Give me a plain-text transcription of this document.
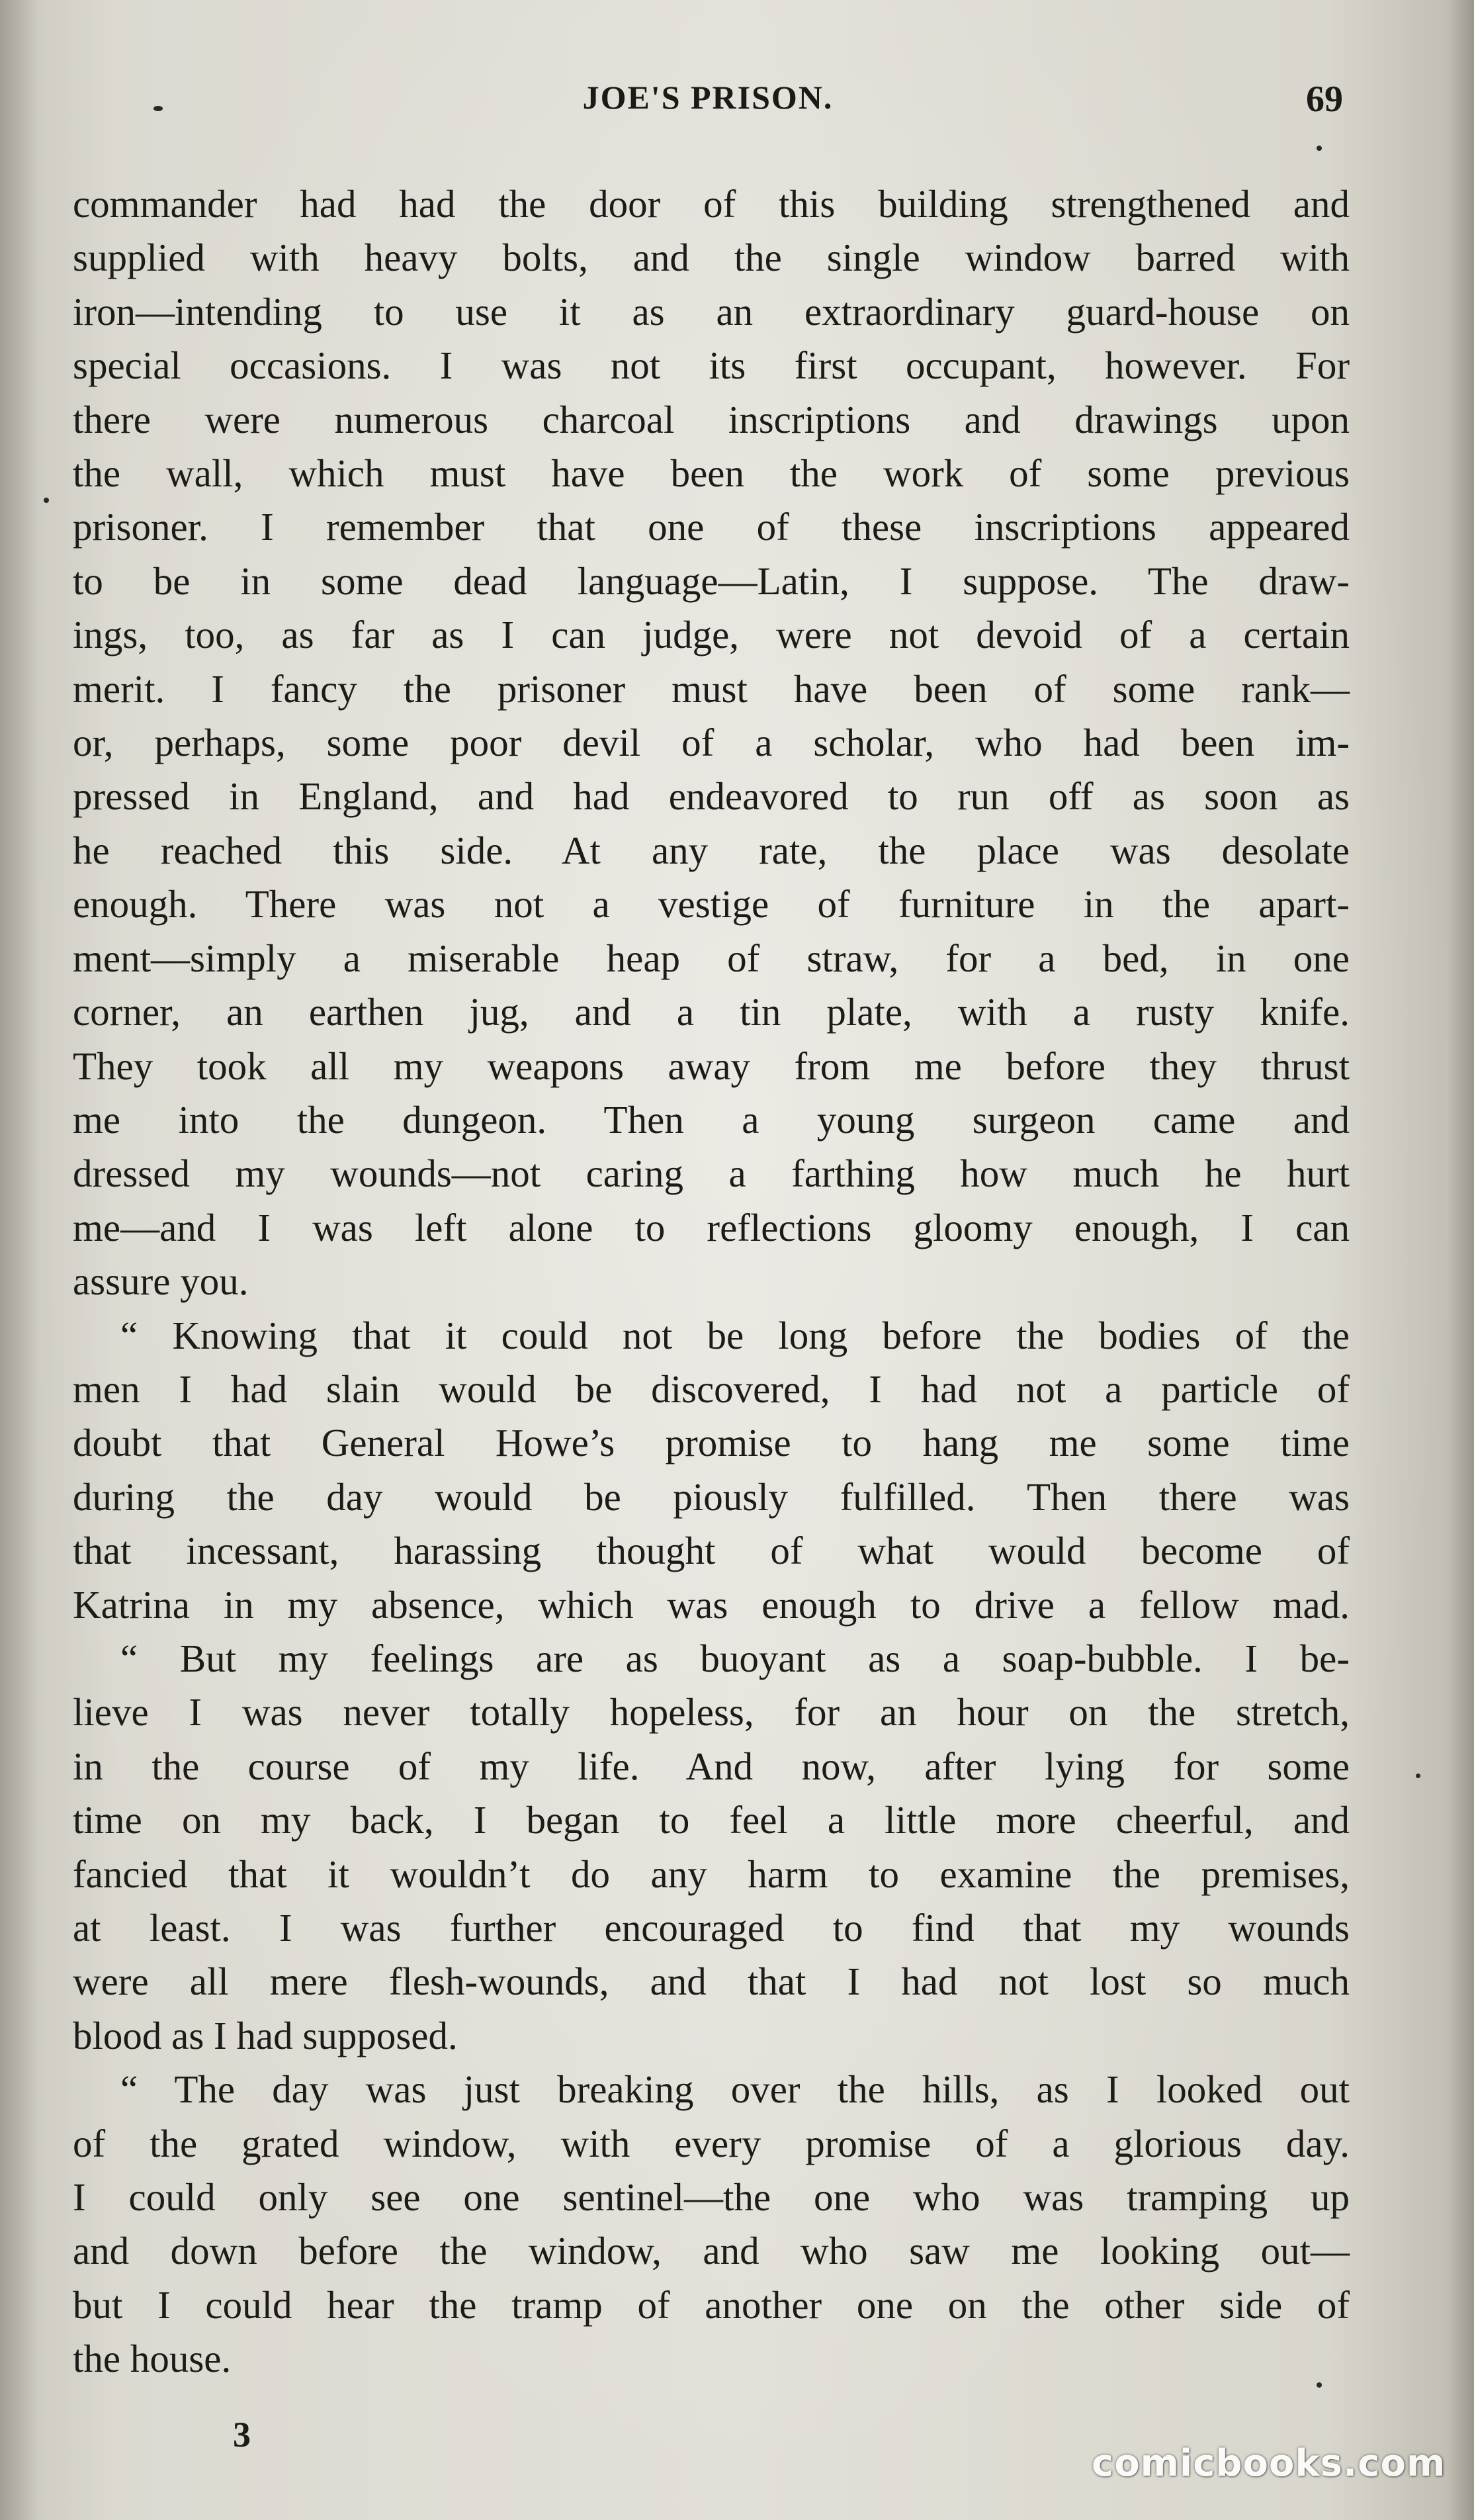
JOE'S PRISON.	69
commander had had the door of this building strengthened and
supplied with heavy bolts, and the single window barred with
iron—intending to use it as an extraordinary guard-house on
special occasions. I was not its first occupant, however. For
there were numerous charcoal inscriptions and drawings upon
the wall, which must have been the work of some previous
prisoner. I remember that one of these inscriptions appeared
to be in some dead language—Latin, I suppose. The draw-
ings, too, as far as I can judge, were not devoid of a certain
merit. I fancy the prisoner must have been of some rank—
or, perhaps, some poor devil of a scholar, who had been im-
pressed in England, and had endeavored to run off as soon as
he reached this side. At any rate, the place was desolate
enough. There was not a vestige of furniture in the apart-
ment—simply a miserable heap of straw, for a bed, in one
corner, an earthen jug, and a tin plate, with a rusty knife.
They took all my weapons away from me before they thrust
me into the dungeon. Then a young surgeon came and
dressed my wounds—not caring a farthing how much he hurt
me—and I was left alone to reflections gloomy enough, I can
assure you.
“ Knowing that it could not be long before the bodies of the
men I had slain would be discovered, I had not a particle of
doubt that General Howe’s promise to hang me some time
during the day would be piously fulfilled. Then there was
that incessant, harassing thought of what would become of
Katrina in my absence, which was enough to drive a fellow mad.
“ But my feelings are as buoyant as a soap-bubble. I be-
lieve I was never totally hopeless, for an hour on the stretch,
in the course of my life. And now, after lying for some
time on my back, I began to feel a little more cheerful, and
fancied that it wouldn’t do any harm to examine the premises,
at least. I was further encouraged to find that my wounds
were all mere flesh-wounds, and that I had not lost so much
blood as I had supposed.
“ The day was just breaking over the hills, as I looked out
of the grated window, with every promise of a glorious day.
I could only see one sentinel—the one who was tramping up
and down before the window, and who saw me looking out—
but I could hear the tramp of another one on the other side of
the house.
3
comicbooks.com
